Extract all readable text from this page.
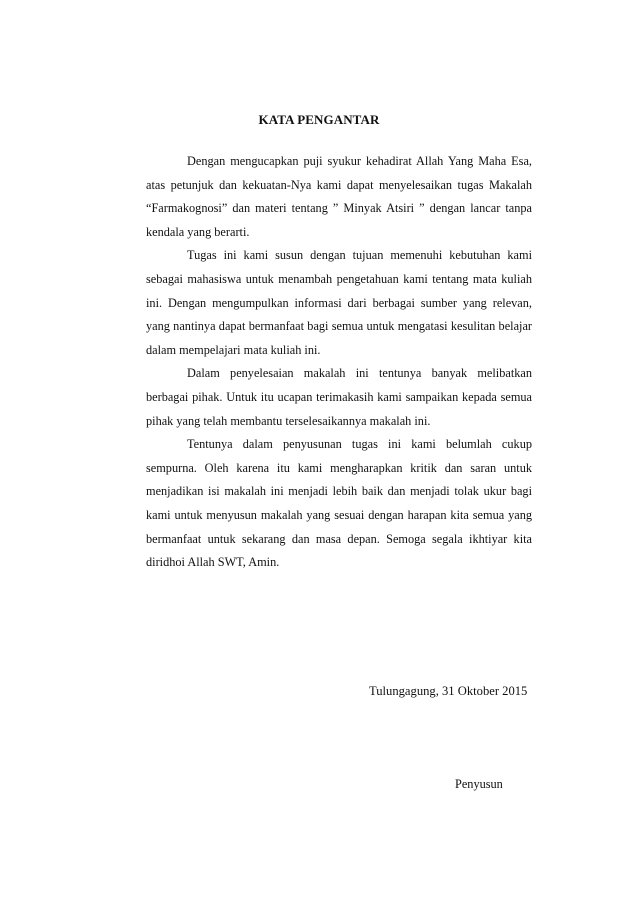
KATA PENGANTAR

Dengan mengucapkan puji syukur kehadirat Allah Yang Maha Esa, atas petunjuk dan kekuatan-Nya kami dapat menyelesaikan tugas Makalah “Farmakognosi” dan materi tentang ” Minyak Atsiri ” dengan lancar tanpa kendala yang berarti.

Tugas ini kami susun dengan tujuan memenuhi kebutuhan kami sebagai mahasiswa untuk menambah pengetahuan kami tentang mata kuliah ini. Dengan mengumpulkan informasi dari berbagai sumber yang relevan, yang nantinya dapat bermanfaat bagi semua untuk mengatasi kesulitan belajar dalam mempelajari mata kuliah ini.

Dalam penyelesaian makalah ini tentunya banyak melibatkan berbagai pihak. Untuk itu ucapan terimakasih kami sampaikan kepada semua pihak yang telah membantu terselesaikannya makalah ini.

Tentunya dalam penyusunan tugas ini kami belumlah cukup sempurna. Oleh karena itu kami mengharapkan kritik dan saran untuk menjadikan isi makalah ini menjadi lebih baik dan menjadi tolak ukur bagi kami untuk menyusun makalah yang sesuai dengan harapan kita semua yang bermanfaat untuk sekarang dan masa depan. Semoga segala ikhtiyar kita diridhoi Allah SWT, Amin.

Tulungagung, 31 Oktober 2015
Penyusun
